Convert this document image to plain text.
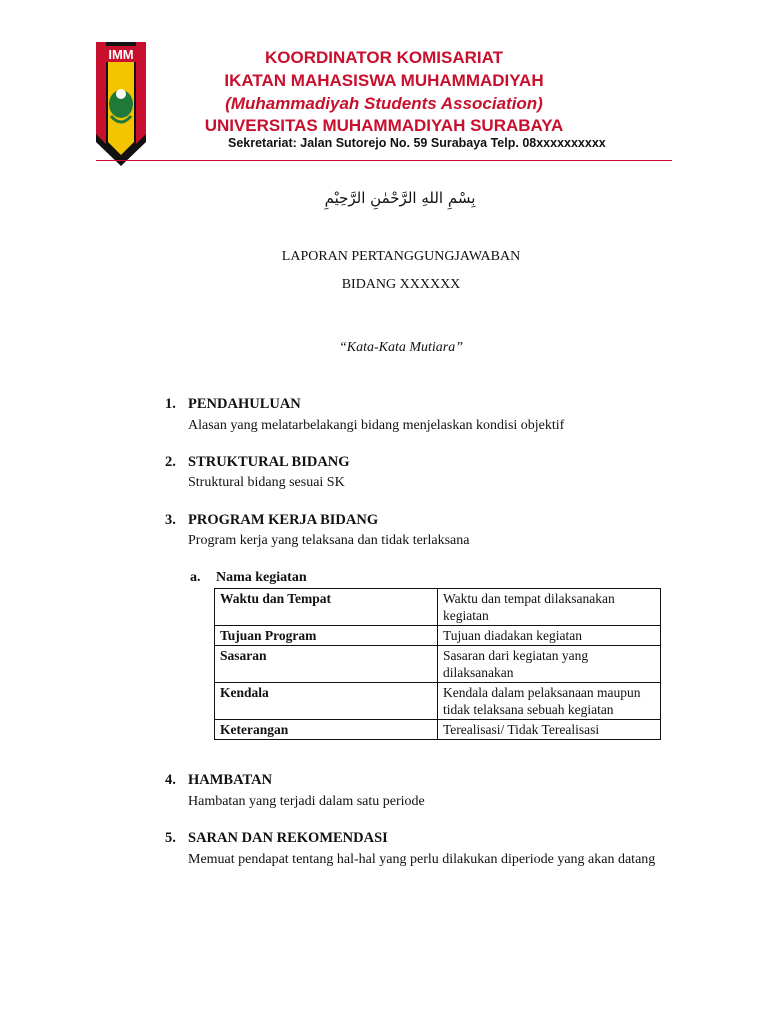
IMM	KOORDINATOR KOMISARIAT
IKATAN MAHASISWA MUHAMMADIYAH
(Muhammadiyah Students Association)
UNIVERSITAS MUHAMMADIYAH SURABAYA
Sekretariat: Jalan Sutorejo No. 59 Surabaya Telp. 08xxxxxxxxxx
بِسْمِ اللهِ الرَّحْمٰنِ الرَّحِيْمِ
LAPORAN PERTANGGUNGJAWABAN
BIDANG XXXXXX
“Kata-Kata Mutiara”
1. PENDAHULUAN
Alasan yang melatarbelakangi bidang menjelaskan kondisi objektif
2. STRUKTURAL BIDANG
Struktural bidang sesuai SK
3. PROGRAM KERJA BIDANG
Program kerja yang telaksana dan tidak terlaksana
a. Nama kegiatan
Waktu dan Tempat	Waktu dan tempat dilaksanakan kegiatan
Tujuan Program	Tujuan diadakan kegiatan
Sasaran	Sasaran dari kegiatan yang dilaksanakan
Kendala	Kendala dalam pelaksanaan maupun tidak telaksana sebuah kegiatan
Keterangan	Terealisasi/ Tidak Terealisasi
4. HAMBATAN
Hambatan yang terjadi dalam satu periode
5. SARAN DAN REKOMENDASI
Memuat pendapat tentang hal-hal yang perlu dilakukan diperiode yang akan datang
